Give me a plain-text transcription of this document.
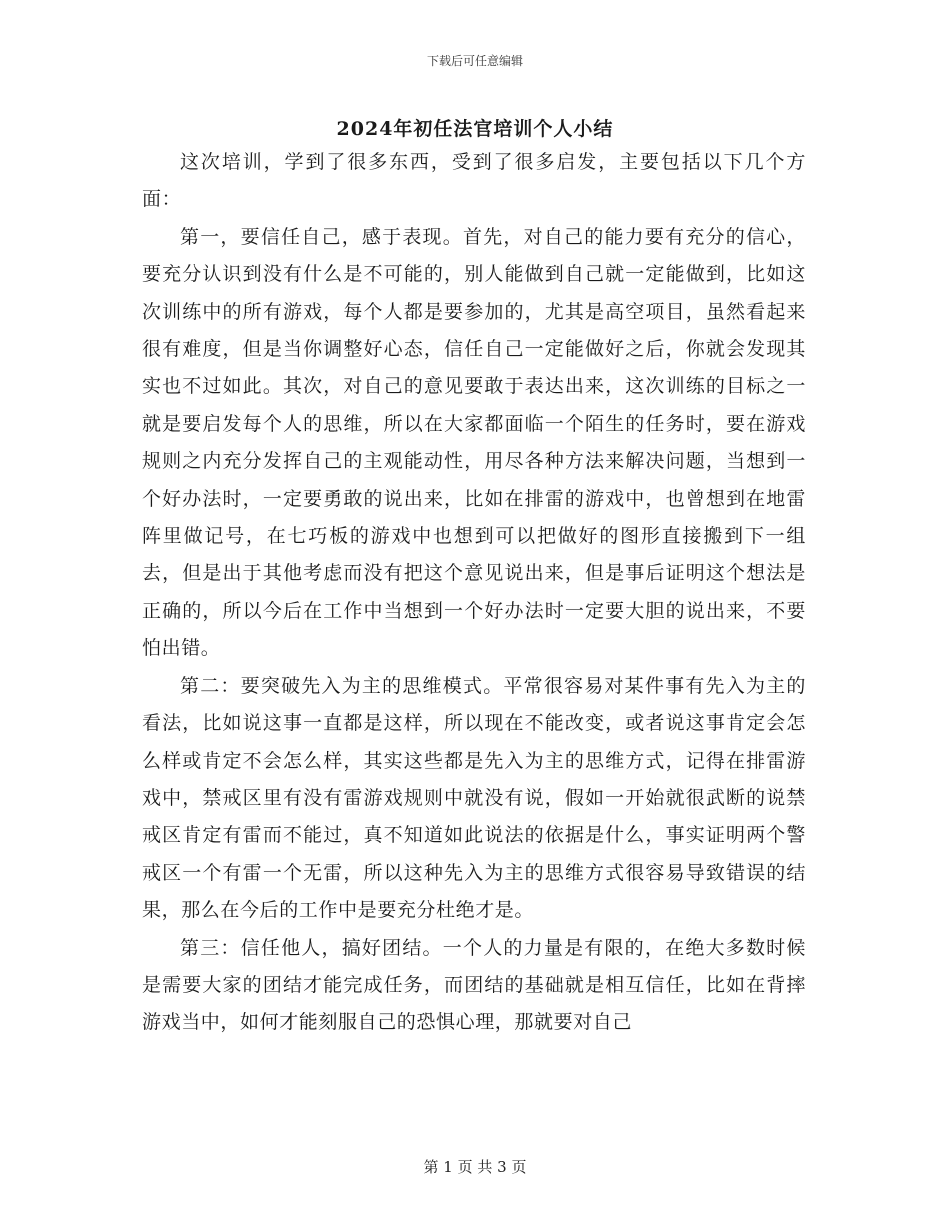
下载后可任意编辑
2024年初任法官培训个人小结

这次培训，学到了很多东西，受到了很多启发，主要包括以下几个方面：

第一，要信任自己，感于表现。首先，对自己的能力要有充分的信心，要充分认识到没有什么是不可能的，别人能做到自己就一定能做到，比如这次训练中的所有游戏，每个人都是要参加的，尤其是高空项目，虽然看起来很有难度，但是当你调整好心态，信任自己一定能做好之后，你就会发现其实也不过如此。其次，对自己的意见要敢于表达出来，这次训练的目标之一就是要启发每个人的思维，所以在大家都面临一个陌生的任务时，要在游戏规则之内充分发挥自己的主观能动性，用尽各种方法来解决问题，当想到一个好办法时，一定要勇敢的说出来，比如在排雷的游戏中，也曾想到在地雷阵里做记号，在七巧板的游戏中也想到可以把做好的图形直接搬到下一组去，但是出于其他考虑而没有把这个意见说出来，但是事后证明这个想法是正确的，所以今后在工作中当想到一个好办法时一定要大胆的说出来，不要怕出错。

第二：要突破先入为主的思维模式。平常很容易对某件事有先入为主的看法，比如说这事一直都是这样，所以现在不能改变，或者说这事肯定会怎么样或肯定不会怎么样，其实这些都是先入为主的思维方式，记得在排雷游戏中，禁戒区里有没有雷游戏规则中就没有说，假如一开始就很武断的说禁戒区肯定有雷而不能过，真不知道如此说法的依据是什么，事实证明两个警戒区一个有雷一个无雷，所以这种先入为主的思维方式很容易导致错误的结果，那么在今后的工作中是要充分杜绝才是。

第三：信任他人，搞好团结。一个人的力量是有限的，在绝大多数时候是需要大家的团结才能完成任务，而团结的基础就是相互信任，比如在背摔游戏当中，如何才能刻服自己的恐惧心理，那就要对自己

第 1 页 共 3 页
